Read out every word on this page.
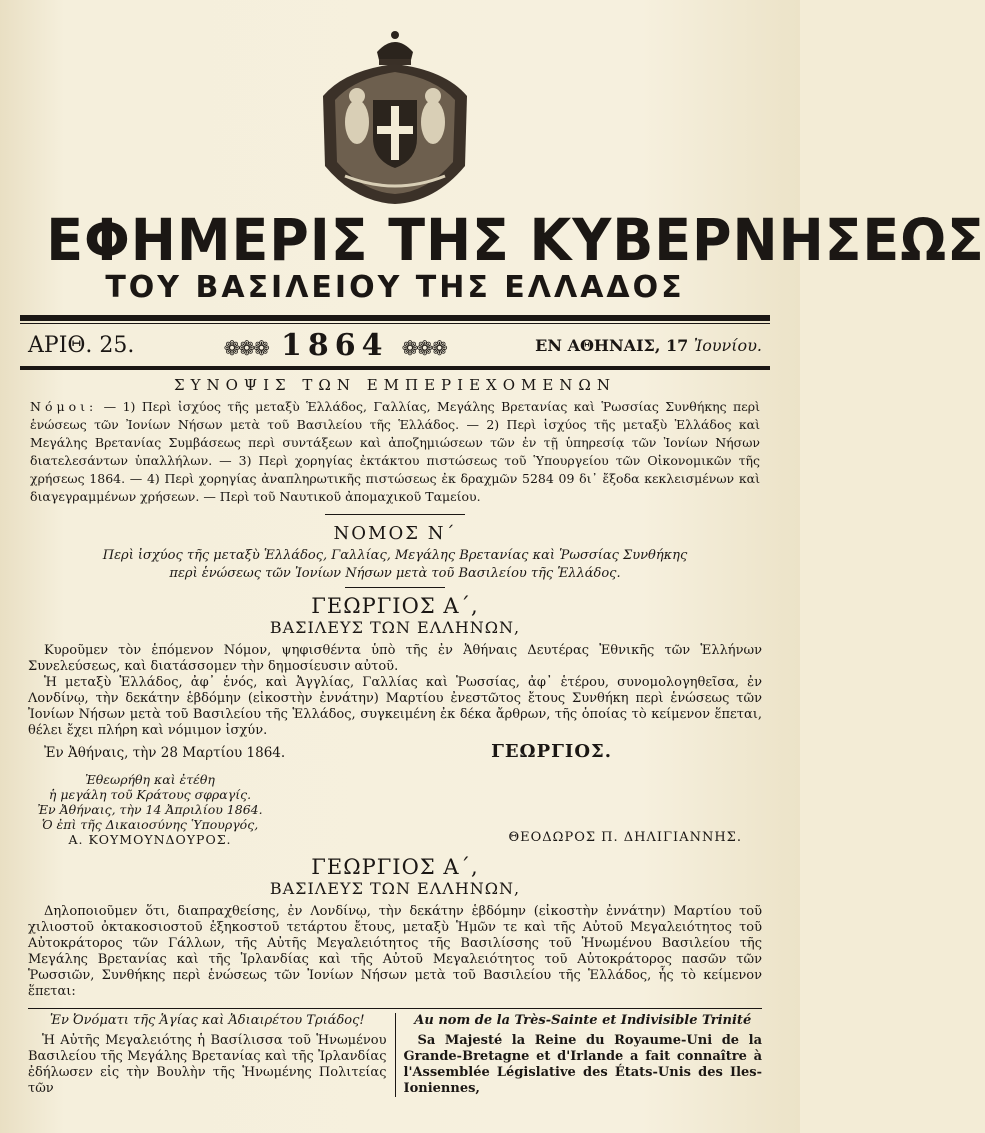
ΕΦΗΜΕΡΙΣ ΤΗΣ ΚΥΒΕΡΝΗΣΕΩΣ
ΤΟΥ ΒΑΣΙΛΕΙΟΥ ΤΗΣ ΕΛΛΑΔΟΣ
ΑΡΙΘ. 25.	❁❁❁ 1864 ❁❁❁	ΕΝ ΑΘΗΝΑΙΣ, 17 Ἰουνίου.
ΣΥΝΟΨΙΣ ΤΩΝ ΕΜΠΕΡΙΕΧΟΜΕΝΩΝ
Νόμοι: — 1) Περὶ ἰσχύος τῆς μεταξὺ Ἑλλάδος, Γαλλίας, Μεγάλης Βρετανίας καὶ Ῥωσσίας Συνθήκης περὶ ἑνώσεως τῶν Ἰονίων Νήσων μετὰ τοῦ Βασιλείου τῆς Ἑλλάδος. — 2) Περὶ ἰσχύος τῆς μεταξὺ Ἑλλάδος καὶ Μεγάλης Βρετανίας Συμβάσεως περὶ συντάξεων καὶ ἀποζημιώσεων τῶν ἐν τῇ ὑπηρεσίᾳ τῶν Ἰονίων Νήσων διατελεσάντων ὑπαλλήλων. — 3) Περὶ χορηγίας ἐκτάκτου πιστώσεως τοῦ Ὑπουργείου τῶν Οἰκονομικῶν τῆς χρήσεως 1864. — 4) Περὶ χορηγίας ἀναπληρωτικῆς πιστώσεως ἐκ δραχμῶν 5284 09 δι᾽ ἔξοδα κεκλεισμένων καὶ διαγεγραμμένων χρήσεων. — Περὶ τοῦ Ναυτικοῦ ἀπομαχικοῦ Ταμείου.
ΝΟΜΟΣ Ν΄
Περὶ ἰσχύος τῆς μεταξὺ Ἑλλάδος, Γαλλίας, Μεγάλης Βρετανίας καὶ Ῥωσσίας Συνθήκης
περὶ ἑνώσεως τῶν Ἰονίων Νήσων μετὰ τοῦ Βασιλείου τῆς Ἑλλάδος.
ΓΕΩΡΓΙΟΣ Α΄,
ΒΑΣΙΛΕΥΣ ΤΩΝ ΕΛΛΗΝΩΝ,

Κυροῦμεν τὸν ἑπόμενον Νόμον, ψηφισθέντα ὑπὸ τῆς ἐν Ἀθήναις Δευτέρας Ἐθνικῆς τῶν Ἑλλήνων Συνελεύσεως, καὶ διατάσσομεν τὴν δημοσίευσιν αὐτοῦ.

Ἡ μεταξὺ Ἑλλάδος, ἀφ᾽ ἑνός, καὶ Ἀγγλίας, Γαλλίας καὶ Ῥωσσίας, ἀφ᾽ ἑτέρου, συνομολογηθεῖσα, ἐν Λονδίνῳ, τὴν δεκάτην ἑβδόμην (εἰκοστὴν ἐννάτην) Μαρτίου ἐνεστῶτος ἔτους Συνθήκη περὶ ἑνώσεως τῶν Ἰονίων Νήσων μετὰ τοῦ Βασιλείου τῆς Ἑλλάδος, συγκειμένη ἐκ δέκα ἄρθρων, τῆς ὁποίας τὸ κείμενον ἕπεται, θέλει ἔχει πλήρη καὶ νόμιμον ἰσχύν.

Ἐν Ἀθήναις, τὴν 28 Μαρτίου 1864.	ΓΕΩΡΓΙΟΣ.
Ἐθεωρήθη καὶ ἐτέθη
ἡ μεγάλη τοῦ Κράτους σφραγίς.
Ἐν Ἀθήναις, τὴν 14 Ἀπριλίου 1864.
Ὁ ἐπὶ τῆς Δικαιοσύνης Ὑπουργός,
Α. ΚΟΥΜΟΥΝΔΟΥΡΟΣ.	ΘΕΟΔΩΡΟΣ Π. ΔΗΛΙΓΙΑΝΝΗΣ.
ΓΕΩΡΓΙΟΣ Α΄,
ΒΑΣΙΛΕΥΣ ΤΩΝ ΕΛΛΗΝΩΝ,

Δηλοποιοῦμεν ὅτι, διαπραχθείσης, ἐν Λονδίνῳ, τὴν δεκάτην ἑβδόμην (εἰκοστὴν ἐννάτην) Μαρτίου τοῦ χιλιοστοῦ ὀκτακοσιοστοῦ ἑξηκοστοῦ τετάρτου ἔτους, μεταξὺ Ἡμῶν τε καὶ τῆς Αὐτοῦ Μεγαλειότητος τοῦ Αὐτοκράτορος τῶν Γάλλων, τῆς Αὐτῆς Μεγαλειότητος τῆς Βασιλίσσης τοῦ Ἡνωμένου Βασιλείου τῆς Μεγάλης Βρετανίας καὶ τῆς Ἰρλανδίας καὶ τῆς Αὐτοῦ Μεγαλειότητος τοῦ Αὐτοκράτορος πασῶν τῶν Ῥωσσιῶν, Συνθήκης περὶ ἑνώσεως τῶν Ἰονίων Νήσων μετὰ τοῦ Βασιλείου τῆς Ἑλλάδος, ἧς τὸ κείμενον ἕπεται:

Ἐν Ὀνόματι τῆς Ἁγίας καὶ Ἀδιαιρέτου Τριάδος!

Ἡ Αὐτῆς Μεγαλειότης ἡ Βασίλισσα τοῦ Ἡνωμένου Βασιλείου τῆς Μεγάλης Βρετανίας καὶ τῆς Ἰρλανδίας ἐδήλωσεν εἰς τὴν Βουλὴν τῆς Ἡνωμένης Πολιτείας τῶν

Au nom de la Très-Sainte et Indivisible Trinité

Sa Majesté la Reine du Royaume-Uni de la Grande-Bretagne et d'Irlande a fait connaître à l'Assemblée Législative des États-Unis des Iles-Ioniennes,
